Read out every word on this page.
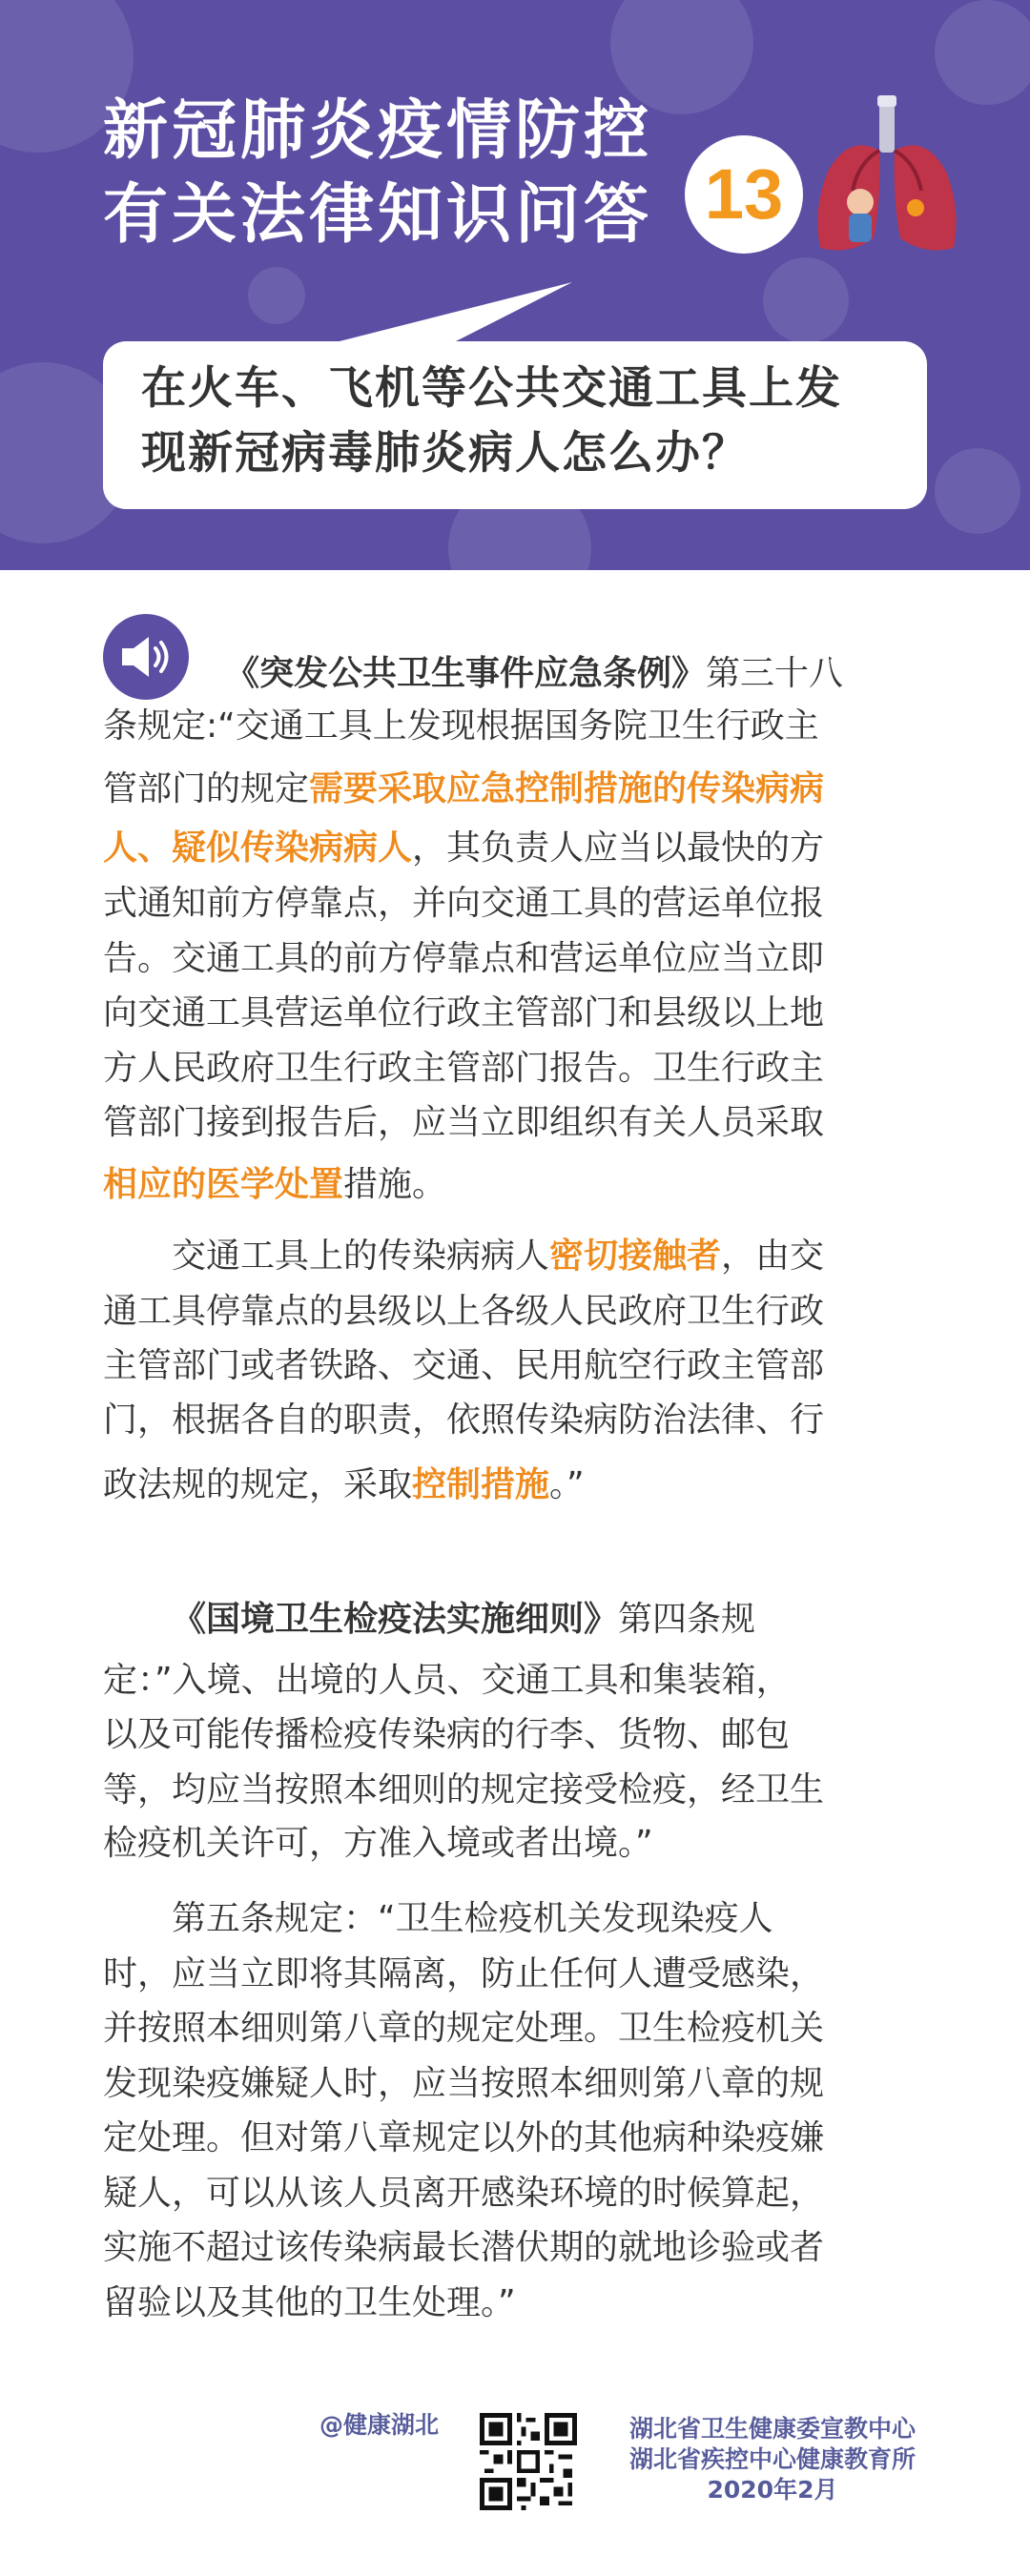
新冠肺炎疫情防控
有关法律知识问答 13
在火车、飞机等公共交通工具上发
现新冠病毒肺炎病人怎么办？
《突发公共卫生事件应急条例》第三十八
条规定:“交通工具上发现根据国务院卫生行政主
管部门的规定需要采取应急控制措施的传染病病
人、疑似传染病病人，其负责人应当以最快的方
式通知前方停靠点，并向交通工具的营运单位报
告。交通工具的前方停靠点和营运单位应当立即
向交通工具营运单位行政主管部门和县级以上地
方人民政府卫生行政主管部门报告。卫生行政主
管部门接到报告后，应当立即组织有关人员采取
相应的医学处置措施。
交通工具上的传染病病人密切接触者，由交
通工具停靠点的县级以上各级人民政府卫生行政
主管部门或者铁路、交通、民用航空行政主管部
门，根据各自的职责，依照传染病防治法律、行
政法规的规定，采取控制措施。”
《国境卫生检疫法实施细则》第四条规
定：”入境、出境的人员、交通工具和集装箱，
以及可能传播检疫传染病的行李、货物、邮包
等，均应当按照本细则的规定接受检疫，经卫生
检疫机关许可，方准入境或者出境。”
第五条规定：“卫生检疫机关发现染疫人
时，应当立即将其隔离，防止任何人遭受感染，
并按照本细则第八章的规定处理。卫生检疫机关
发现染疫嫌疑人时，应当按照本细则第八章的规
定处理。但对第八章规定以外的其他病种染疫嫌
疑人，可以从该人员离开感染环境的时候算起，
实施不超过该传染病最长潜伏期的就地诊验或者
留验以及其他的卫生处理。”
@健康湖北	湖北省卫生健康委宣教中心
湖北省疾控中心健康教育所
2020年2月
